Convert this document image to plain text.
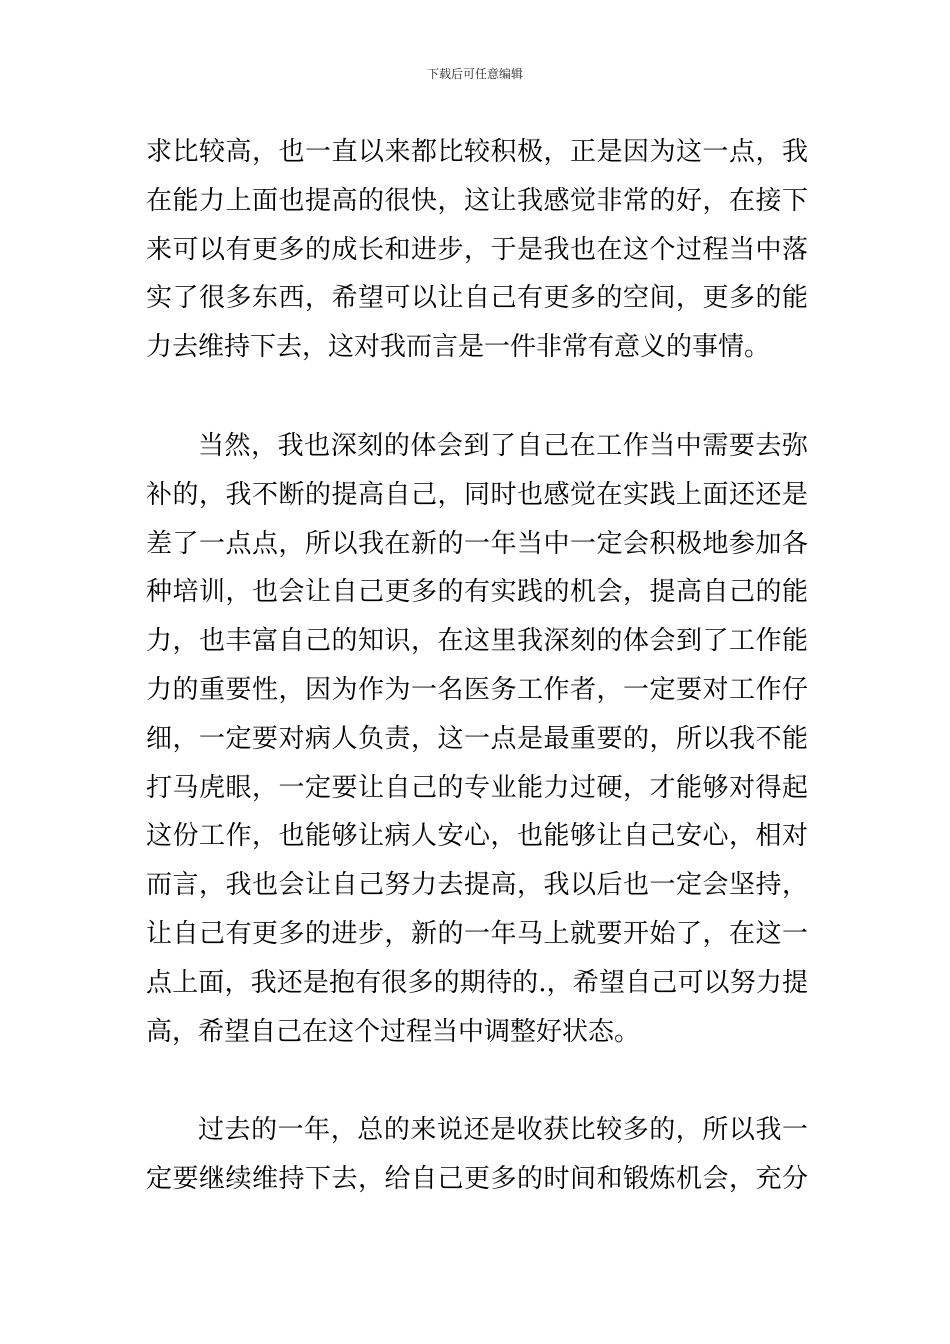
下载后可任意编辑
求比较高，也一直以来都比较积极，正是因为这一点，我
在能力上面也提高的很快，这让我感觉非常的好，在接下
来可以有更多的成长和进步，于是我也在这个过程当中落
实了很多东西，希望可以让自己有更多的空间，更多的能
力去维持下去，这对我而言是一件非常有意义的事情。
当然，我也深刻的体会到了自己在工作当中需要去弥
补的，我不断的提高自己，同时也感觉在实践上面还还是
差了一点点，所以我在新的一年当中一定会积极地参加各
种培训，也会让自己更多的有实践的机会，提高自己的能
力，也丰富自己的知识，在这里我深刻的体会到了工作能
力的重要性，因为作为一名医务工作者，一定要对工作仔
细，一定要对病人负责，这一点是最重要的，所以我不能
打马虎眼，一定要让自己的专业能力过硬，才能够对得起
这份工作，也能够让病人安心，也能够让自己安心，相对
而言，我也会让自己努力去提高，我以后也一定会坚持，
让自己有更多的进步，新的一年马上就要开始了，在这一
点上面，我还是抱有很多的期待的.，希望自己可以努力提
高，希望自己在这个过程当中调整好状态。
过去的一年，总的来说还是收获比较多的，所以我一
定要继续维持下去，给自己更多的时间和锻炼机会，充分
